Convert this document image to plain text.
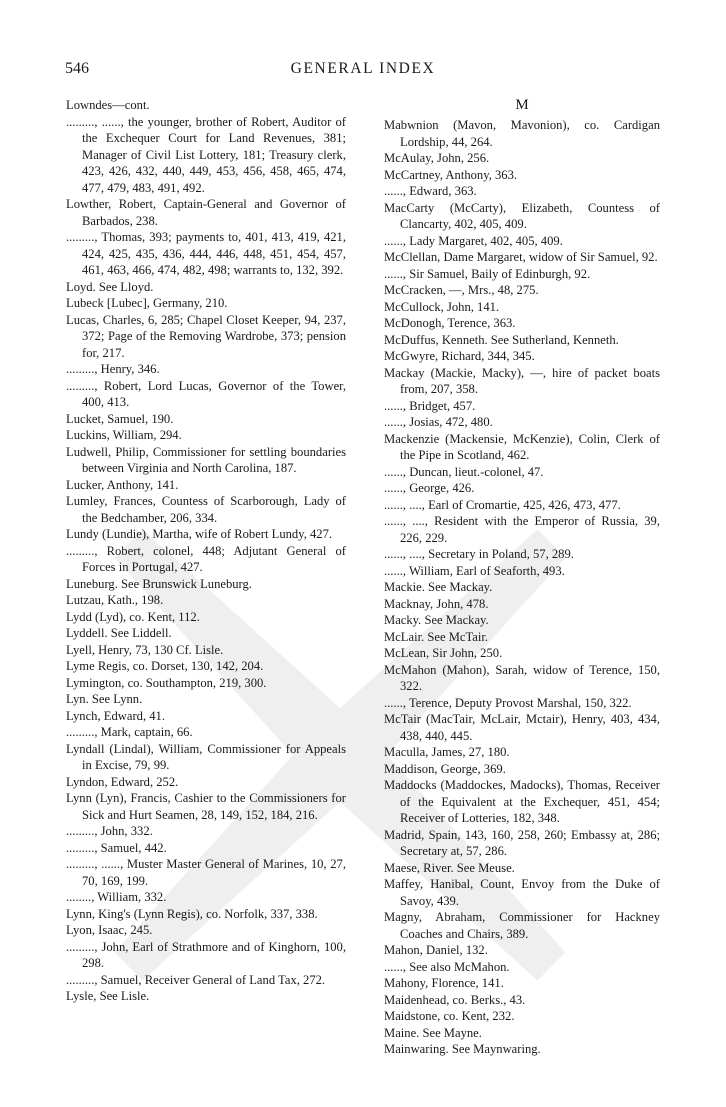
546	GENERAL INDEX

Lowndes—cont.

........., ......, the younger, brother of Robert, Auditor of the Exchequer Court for Land Revenues, 381; Manager of Civil List Lottery, 181; Treasury clerk, 423, 426, 432, 440, 449, 453, 456, 458, 465, 474, 477, 479, 483, 491, 492.

Lowther, Robert, Captain-General and Governor of Barbados, 238.

........., Thomas, 393; payments to, 401, 413, 419, 421, 424, 425, 435, 436, 444, 446, 448, 451, 454, 457, 461, 463, 466, 474, 482, 498; warrants to, 132, 392.

Loyd. See Lloyd.

Lubeck [Lubec], Germany, 210.

Lucas, Charles, 6, 285; Chapel Closet Keeper, 94, 237, 372; Page of the Removing Wardrobe, 373; pension for, 217.

........., Henry, 346.

........., Robert, Lord Lucas, Governor of the Tower, 400, 413.

Lucket, Samuel, 190.

Luckins, William, 294.

Ludwell, Philip, Commissioner for settling boundaries between Virginia and North Carolina, 187.

Lucker, Anthony, 141.

Lumley, Frances, Countess of Scarborough, Lady of the Bedchamber, 206, 334.

Lundy (Lundie), Martha, wife of Robert Lundy, 427.

........., Robert, colonel, 448; Adjutant General of Forces in Portugal, 427.

Luneburg. See Brunswick Luneburg.

Lutzau, Kath., 198.

Lydd (Lyd), co. Kent, 112.

Lyddell. See Liddell.

Lyell, Henry, 73, 130 Cf. Lisle.

Lyme Regis, co. Dorset, 130, 142, 204.

Lymington, co. Southampton, 219, 300.

Lyn. See Lynn.

Lynch, Edward, 41.

........., Mark, captain, 66.

Lyndall (Lindal), William, Commissioner for Appeals in Excise, 79, 99.

Lyndon, Edward, 252.

Lynn (Lyn), Francis, Cashier to the Commissioners for Sick and Hurt Seamen, 28, 149, 152, 184, 216.

........., John, 332.

........., Samuel, 442.

........., ......, Muster Master General of Marines, 10, 27, 70, 169, 199.

........, William, 332.

Lynn, King's (Lynn Regis), co. Norfolk, 337, 338.

Lyon, Isaac, 245.

........., John, Earl of Strathmore and of Kinghorn, 100, 298.

........., Samuel, Receiver General of Land Tax, 272.

Lysle, See Lisle.

M

Mabwnion (Mavon, Mavonion), co. Cardigan Lordship, 44, 264.

McAulay, John, 256.

McCartney, Anthony, 363.

......, Edward, 363.

MacCarty (McCarty), Elizabeth, Countess of Clancarty, 402, 405, 409.

......, Lady Margaret, 402, 405, 409.

McClellan, Dame Margaret, widow of Sir Samuel, 92.

......, Sir Samuel, Baily of Edinburgh, 92.

McCracken, —, Mrs., 48, 275.

McCullock, John, 141.

McDonogh, Terence, 363.

McDuffus, Kenneth. See Sutherland, Kenneth.

McGwyre, Richard, 344, 345.

Mackay (Mackie, Macky), —, hire of packet boats from, 207, 358.

......, Bridget, 457.

......, Josias, 472, 480.

Mackenzie (Mackensie, McKenzie), Colin, Clerk of the Pipe in Scotland, 462.

......, Duncan, lieut.-colonel, 47.

......, George, 426.

......, ...., Earl of Cromartie, 425, 426, 473, 477.

......, ...., Resident with the Emperor of Russia, 39, 226, 229.

......, ...., Secretary in Poland, 57, 289.

......, William, Earl of Seaforth, 493.

Mackie. See Mackay.

Macknay, John, 478.

Macky. See Mackay.

McLair. See McTair.

McLean, Sir John, 250.

McMahon (Mahon), Sarah, widow of Terence, 150, 322.

......, Terence, Deputy Provost Marshal, 150, 322.

McTair (MacTair, McLair, Mctair), Henry, 403, 434, 438, 440, 445.

Maculla, James, 27, 180.

Maddison, George, 369.

Maddocks (Maddockes, Madocks), Thomas, Receiver of the Equivalent at the Exchequer, 451, 454; Receiver of Lotteries, 182, 348.

Madrid, Spain, 143, 160, 258, 260; Embassy at, 286; Secretary at, 57, 286.

Maese, River. See Meuse.

Maffey, Hanibal, Count, Envoy from the Duke of Savoy, 439.

Magny, Abraham, Commissioner for Hackney Coaches and Chairs, 389.

Mahon, Daniel, 132.

......, See also McMahon.

Mahony, Florence, 141.

Maidenhead, co. Berks., 43.

Maidstone, co. Kent, 232.

Maine. See Mayne.

Mainwaring. See Maynwaring.
